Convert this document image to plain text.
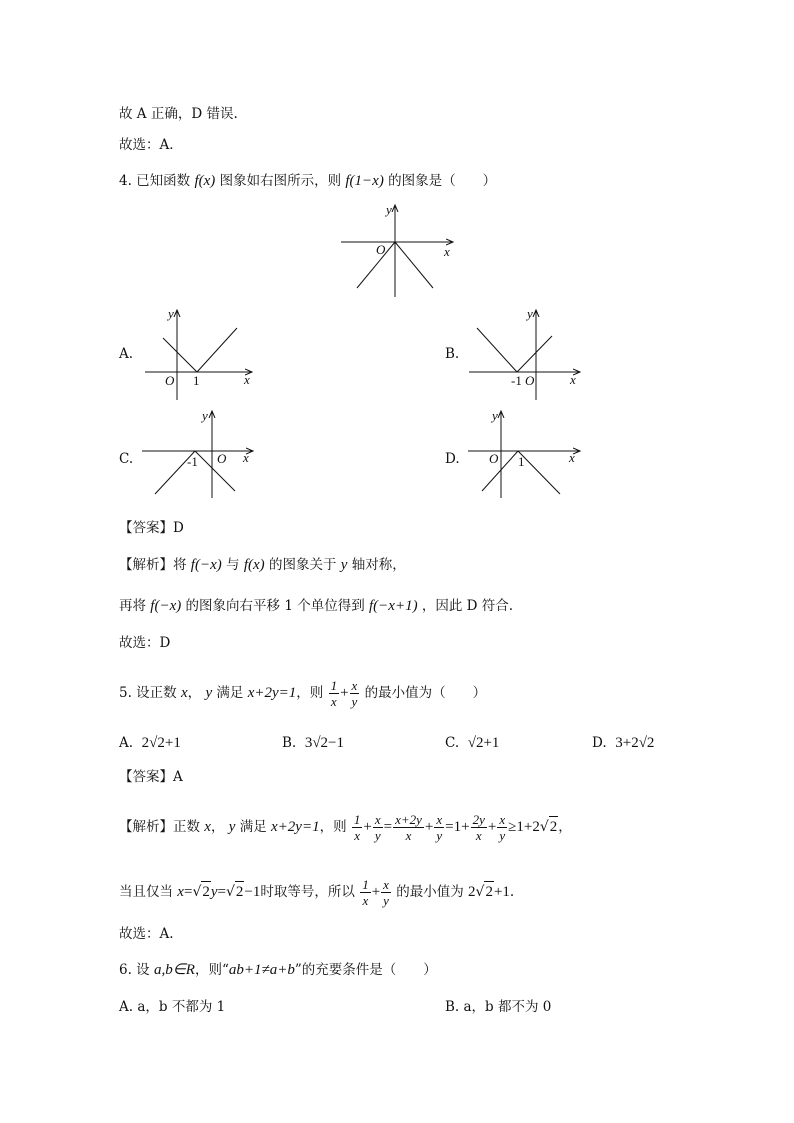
故 A 正确，D 错误.
故选：A．
4. 已知函数 f(x) 图象如右图所示，则 f(1−x) 的图象是（　　）
y
O	x
A.
y
O 1	x
B.
y
-1 O	x
C.
y
-1 O x	D.
y
O 1	x
【答案】D
【解析】将 f(−x) 与 f(x) 的图象关于 y 轴对称，
再将 f(−x) 的图象向右平移 1 个单位得到 f(−x+1) ，因此 D 符合.
故选：D
5. 设正数 x， y 满足 x+2y=1，则 $\frac{1}{x} + \frac{x}{y}$ 的最小值为（　　）
A. 2√2+1	B. 3√2−1	C. √2+1	D. 3+2√2
【答案】A
【解析】正数 x， y 满足 x+2y=1，则 $\frac{1}{x} + \frac{x}{y} = \frac{x+2y}{x} + \frac{x}{y} =1+ \frac{2y}{x} + \frac{x}{y} \ge 1+2√2$，
当且仅当 x=√2y=√2−1时取等号，所以 $\frac{1}{x} + \frac{x}{y}$ 的最小值为 2√2+1.
故选：A.
6. 设 a,b∈R，则“ab+1≠a+b”的充要条件是（　　）
A. a，b 不都为 1	B. a，b 都不为 0
